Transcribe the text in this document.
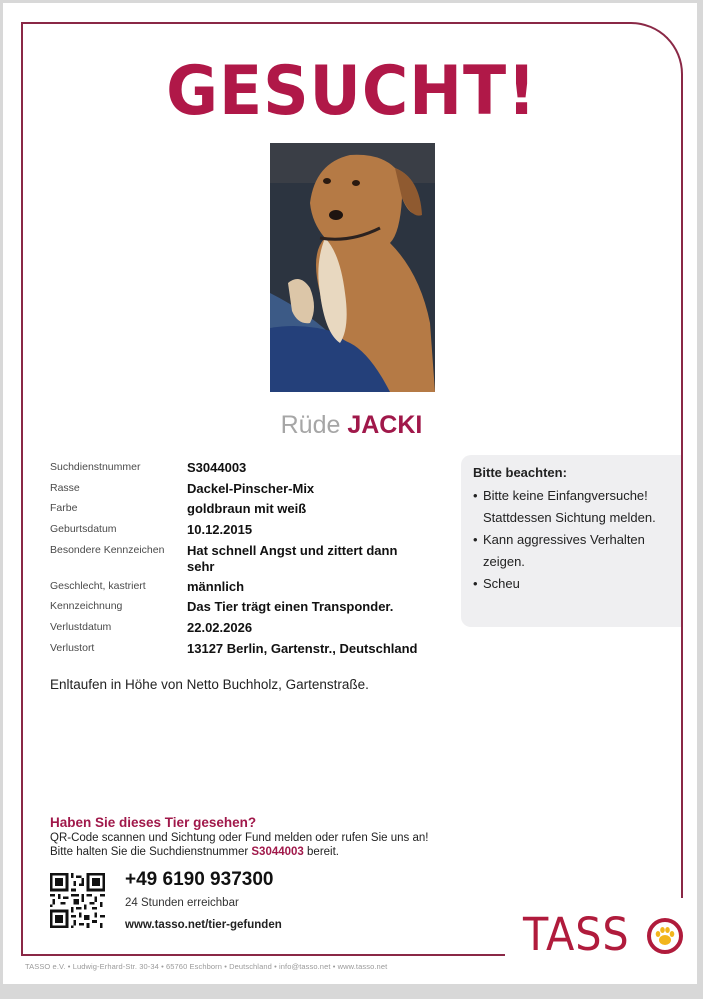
GESUCHT!
Rüde JACKI
Suchdienstnummer	S3044003
Rasse	Dackel-Pinscher-Mix
Farbe	goldbraun mit weiß
Geburtsdatum	10.12.2015
Besondere Kennzeichen	Hat schnell Angst und zittert dann sehr
Geschlecht, kastriert	männlich
Kennzeichnung	Das Tier trägt einen Transponder.
Verlustdatum	22.02.2026
Verlustort	13127 Berlin, Gartenstr., Deutschland
Enltaufen in Höhe von Netto Buchholz, Gartenstraße.
Bitte beachten:
• Bitte keine Einfangversuche! Stattdessen Sichtung melden.
• Kann aggressives Verhalten zeigen.
• Scheu
Haben Sie dieses Tier gesehen?
QR-Code scannen und Sichtung oder Fund melden oder rufen Sie uns an!
Bitte halten Sie die Suchdienstnummer S3044003 bereit.
+49 6190 937300
24 Stunden erreichbar
www.tasso.net/tier-gefunden	TASS
TASSO e.V. • Ludwig-Erhard-Str. 30-34 • 65760 Eschborn • Deutschland • info@tasso.net • www.tasso.net
